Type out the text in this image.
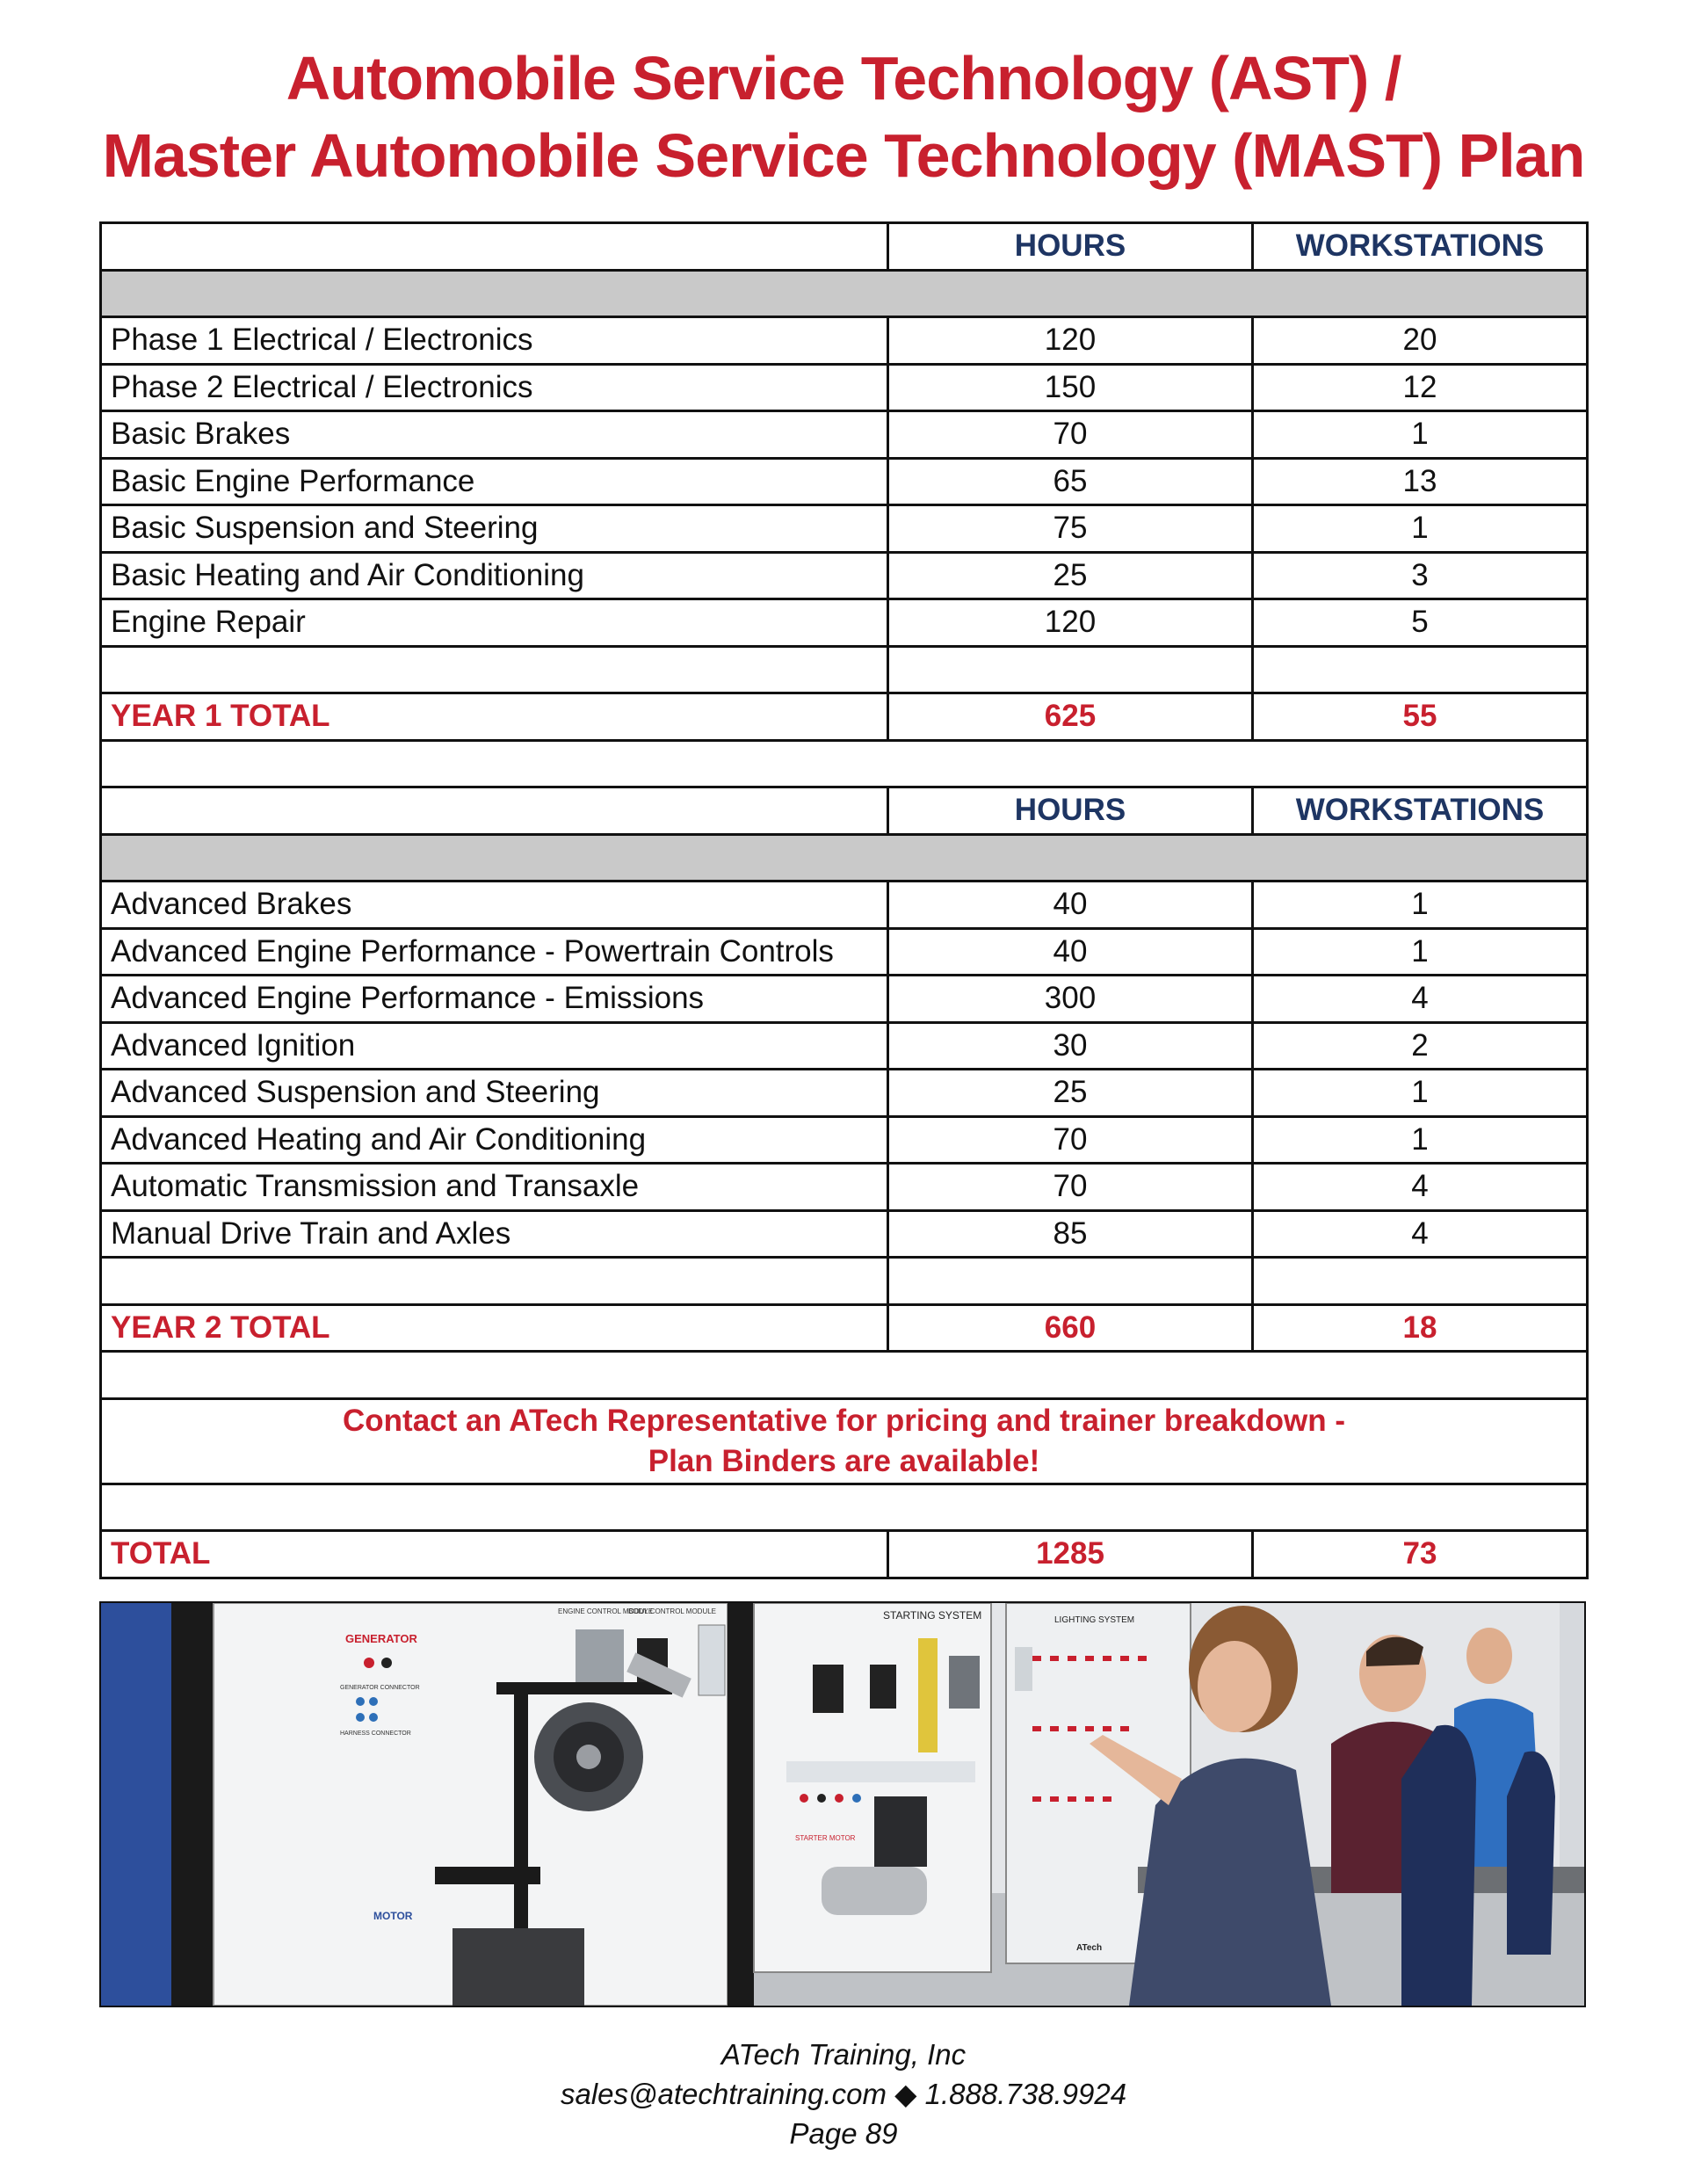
Automobile Service Technology (AST) /
Master Automobile Service Technology (MAST) Plan
	HOURS	WORKSTATIONS

Phase 1 Electrical / Electronics	120	20
Phase 2 Electrical / Electronics	150	12
Basic Brakes	70	1
Basic Engine Performance	65	13
Basic Suspension and Steering	75	1
Basic Heating and Air Conditioning	25	3
Engine Repair	120	5

YEAR 1 TOTAL	625	55

	HOURS	WORKSTATIONS

Advanced Brakes	40	1
Advanced Engine Performance - Powertrain Controls	40	1
Advanced Engine Performance - Emissions	300	4
Advanced Ignition	30	2
Advanced Suspension and Steering	25	1
Advanced Heating and Air Conditioning	70	1
Automatic Transmission and Transaxle	70	4
Manual Drive Train and Axles	85	4

YEAR 2 TOTAL	660	18

Contact an ATech Representative for pricing and trainer breakdown -
Plan Binders are available!		

TOTAL	1285	73
GENERATOR
GENERATOR CONNECTOR
HARNESS CONNECTOR
MOTOR
ENGINE CONTROL MODULE
BODY CONTROL MODULE	STARTING SYSTEM
STARTER MOTOR
LIGHTING SYSTEM
ATech
ATech Training, Inc
sales@atechtraining.com ◆ 1.888.738.9924
Page 89
